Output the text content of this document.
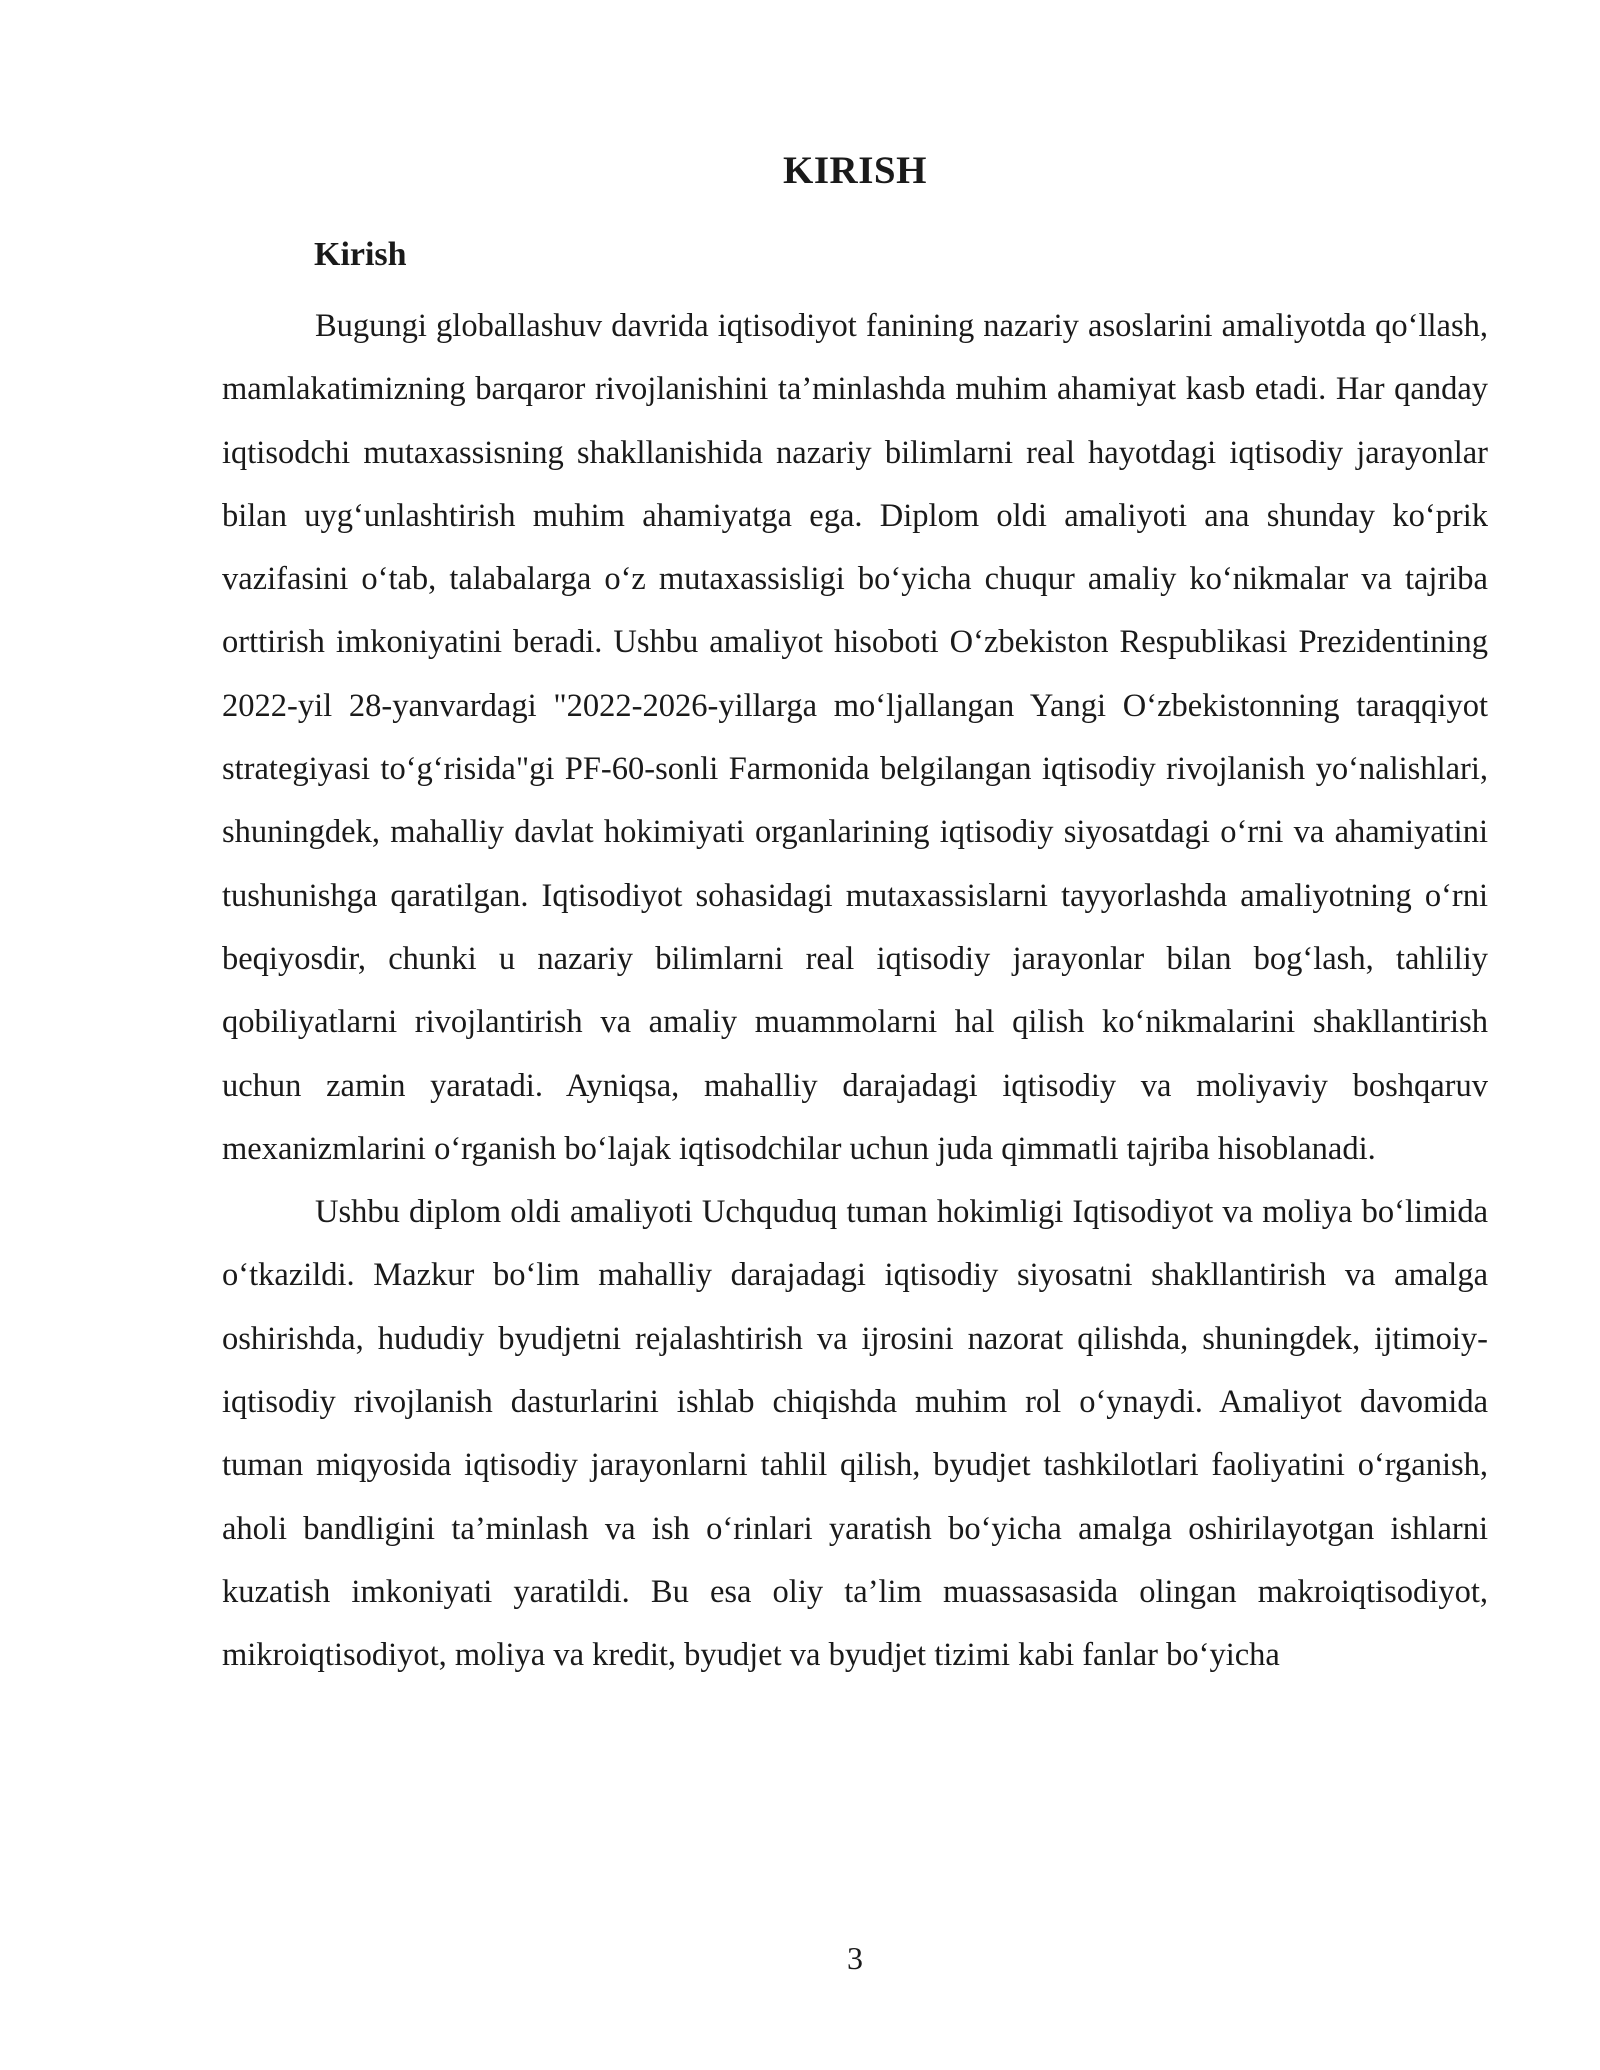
KIRISH
Kirish

Bugungi globallashuv davrida iqtisodiyot fanining nazariy asoslarini amaliyotda qo‘llash, mamlakatimizning barqaror rivojlanishini ta’minlashda muhim ahamiyat kasb etadi. Har qanday iqtisodchi mutaxassisning shakllanishida nazariy bilimlarni real hayotdagi iqtisodiy jarayonlar bilan uyg‘unlashtirish muhim ahamiyatga ega. Diplom oldi amaliyoti ana shunday ko‘prik vazifasini o‘tab, talabalarga o‘z mutaxassisligi bo‘yicha chuqur amaliy ko‘nikmalar va tajriba orttirish imkoniyatini beradi. Ushbu amaliyot hisoboti O‘zbekiston Respublikasi Prezidentining 2022-yil 28-yanvardagi "2022-2026-yillarga mo‘ljallangan Yangi O‘zbekistonning taraqqiyot strategiyasi to‘g‘risida"gi PF-60-sonli Farmonida belgilangan iqtisodiy rivojlanish yo‘nalishlari, shuningdek, mahalliy davlat hokimiyati organlarining iqtisodiy siyosatdagi o‘rni va ahamiyatini tushunishga qaratilgan. Iqtisodiyot sohasidagi mutaxassislarni tayyorlashda amaliyotning o‘rni beqiyosdir, chunki u nazariy bilimlarni real iqtisodiy jarayonlar bilan bog‘lash, tahliliy qobiliyatlarni rivojlantirish va amaliy muammolarni hal qilish ko‘nikmalarini shakllantirish uchun zamin yaratadi. Ayniqsa, mahalliy darajadagi iqtisodiy va moliyaviy boshqaruv mexanizmlarini o‘rganish bo‘lajak iqtisodchilar uchun juda qimmatli tajriba hisoblanadi.

Ushbu diplom oldi amaliyoti Uchquduq tuman hokimligi Iqtisodiyot va moliya bo‘limida o‘tkazildi. Mazkur bo‘lim mahalliy darajadagi iqtisodiy siyosatni shakllantirish va amalga oshirishda, hududiy byudjetni rejalashtirish va ijrosini nazorat qilishda, shuningdek, ijtimoiy-iqtisodiy rivojlanish dasturlarini ishlab chiqishda muhim rol o‘ynaydi. Amaliyot davomida tuman miqyosida iqtisodiy jarayonlarni tahlil qilish, byudjet tashkilotlari faoliyatini o‘rganish, aholi bandligini ta’minlash va ish o‘rinlari yaratish bo‘yicha amalga oshirilayotgan ishlarni kuzatish imkoniyati yaratildi. Bu esa oliy ta’lim muassasasida olingan makroiqtisodiyot, mikroiqtisodiyot, moliya va kredit, byudjet va byudjet tizimi kabi fanlar bo‘yicha

3
